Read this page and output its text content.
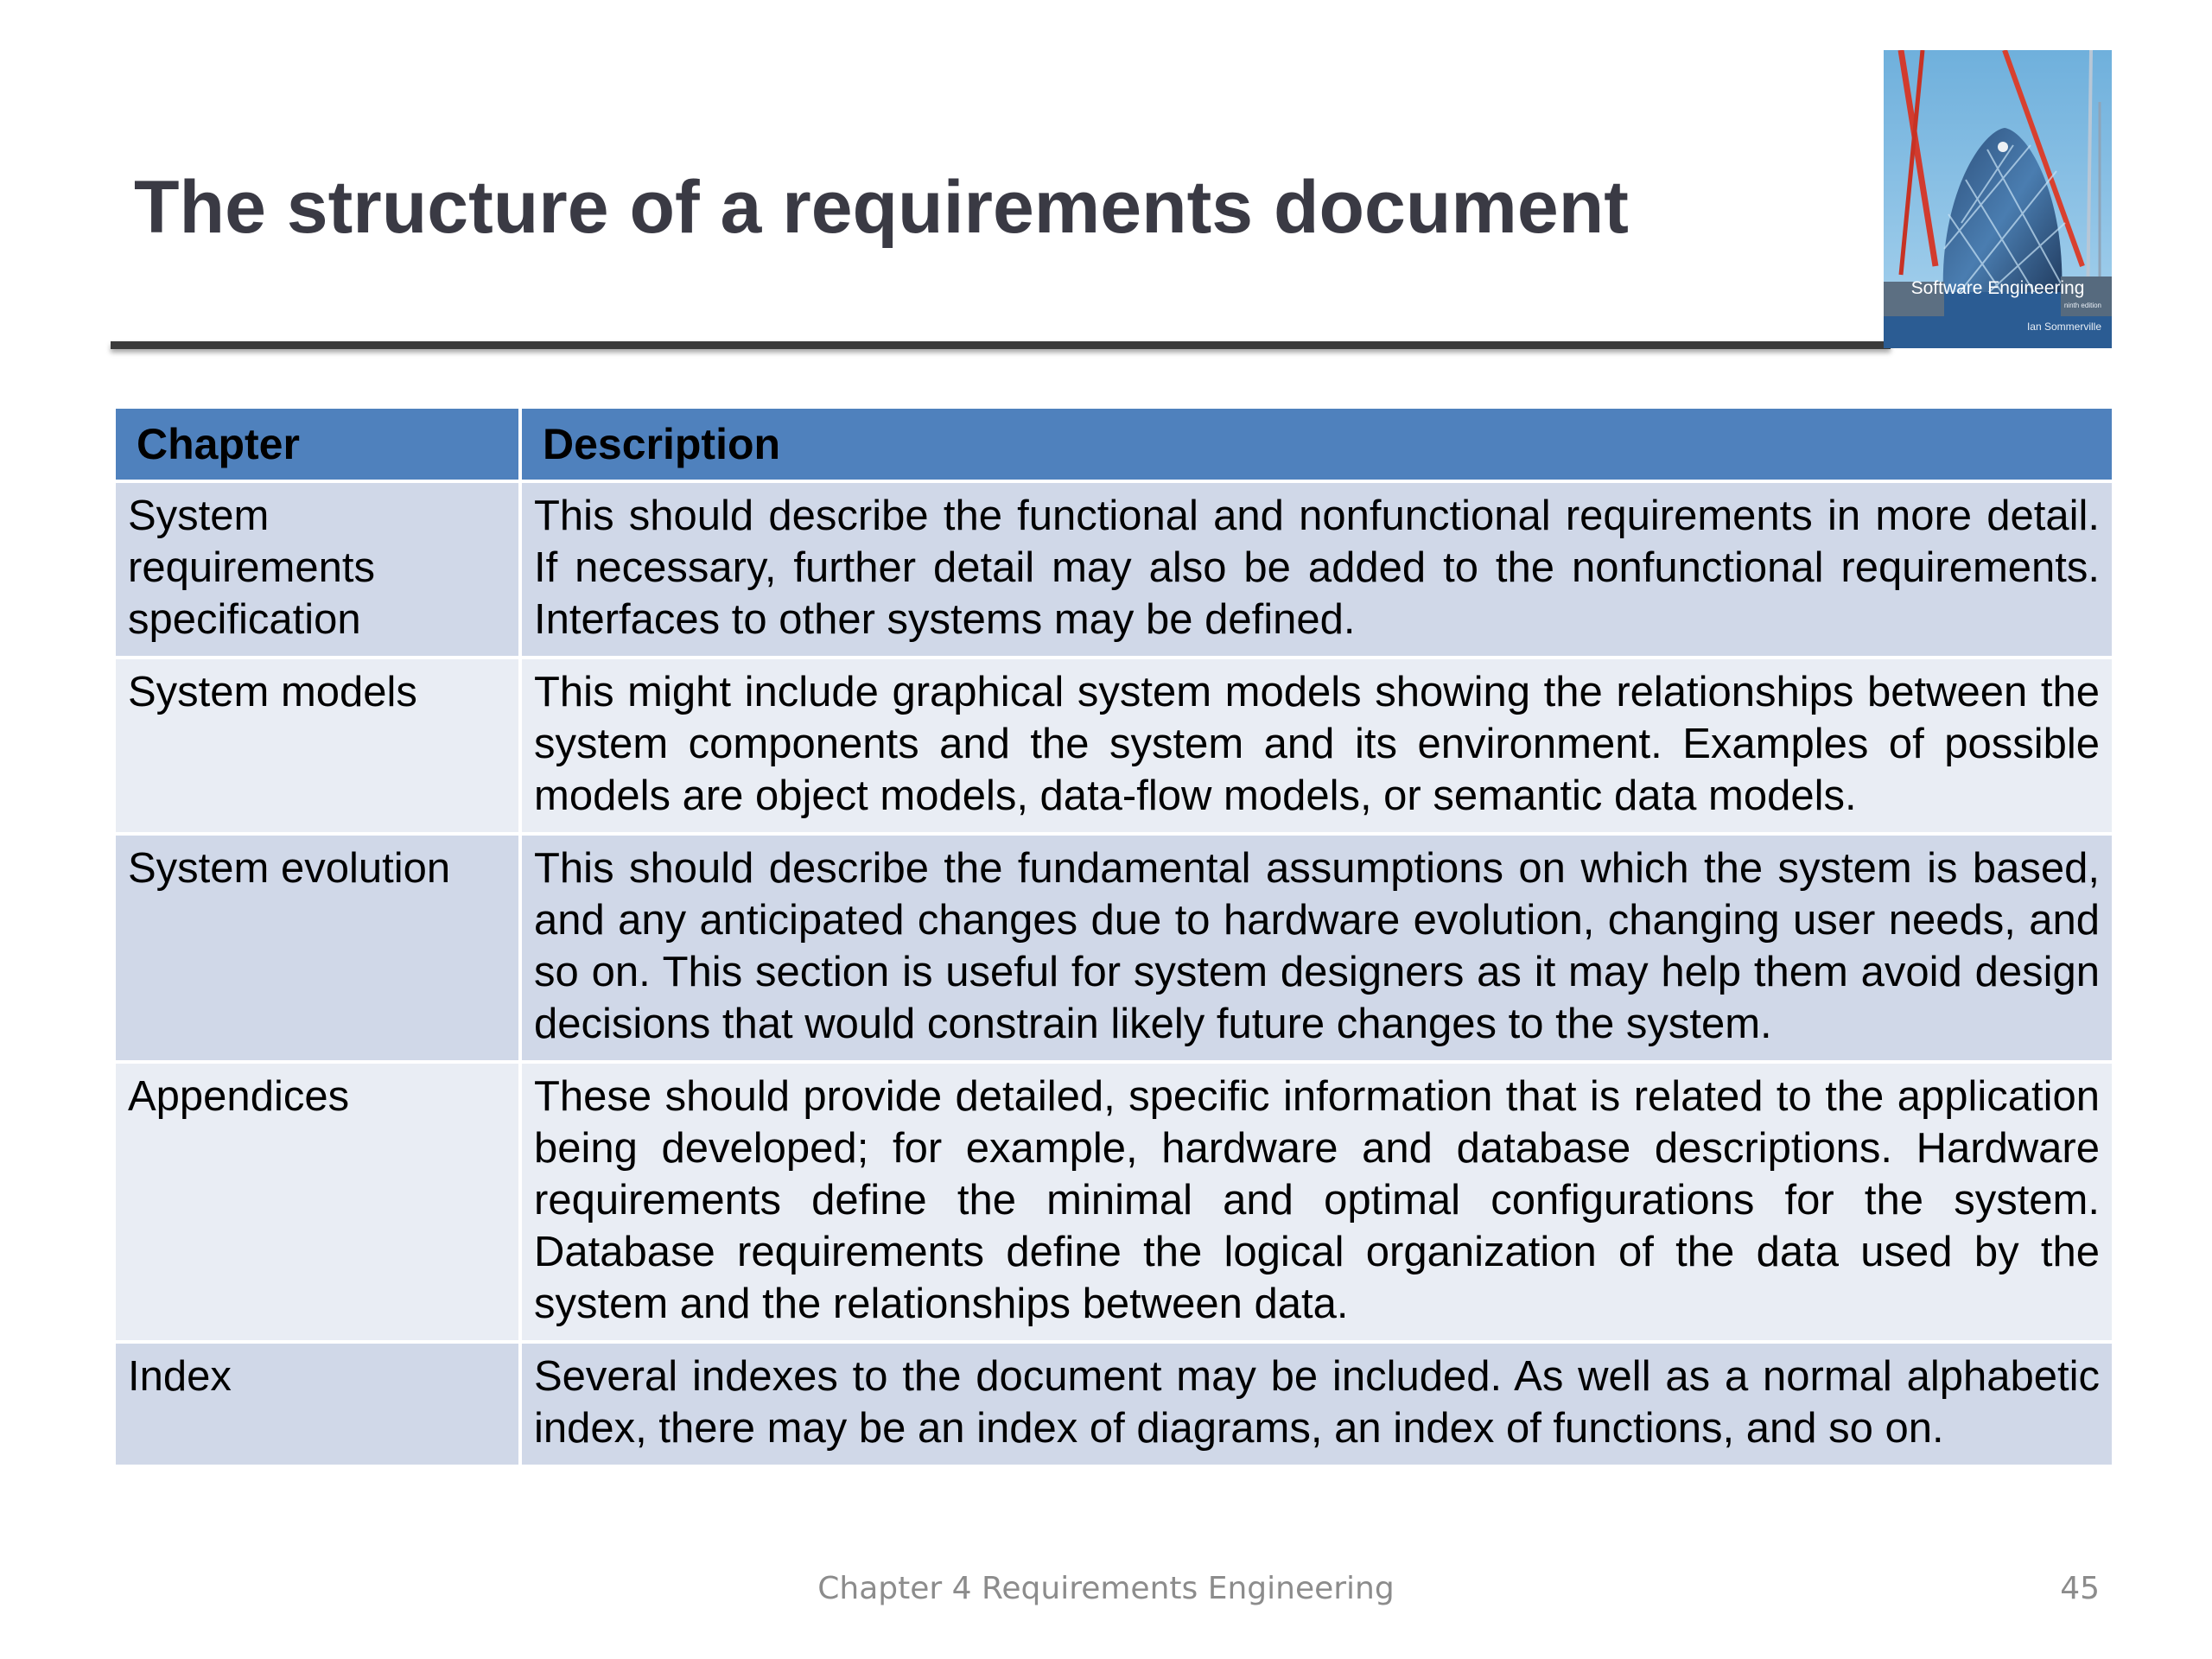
The structure of a requirements document
Software Engineering
ninth edition
Ian Sommerville
Chapter	Description
System requirements specification	This should describe the functional and nonfunctional requirements in more detail. If necessary, further detail may also be added to the nonfunctional requirements. Interfaces to other systems may be defined.
System models	This might include graphical system models showing the relationships between the system components and the system and its environment. Examples of possible models are object models, data-flow models, or semantic data models.
System evolution	This should describe the fundamental assumptions on which the system is based, and any anticipated changes due to hardware evolution, changing user needs, and so on. This section is useful for system designers as it may help them avoid design decisions that would constrain likely future changes to the system.
Appendices	These should provide detailed, specific information that is related to the application being developed; for example, hardware and database descriptions. Hardware requirements define the minimal and optimal configurations for the system. Database requirements define the logical organization of the data used by the system and the relationships between data.
Index	Several indexes to the document may be included. As well as a normal alphabetic index, there may be an index of diagrams, an index of functions, and so on.
Chapter 4 Requirements Engineering	45
